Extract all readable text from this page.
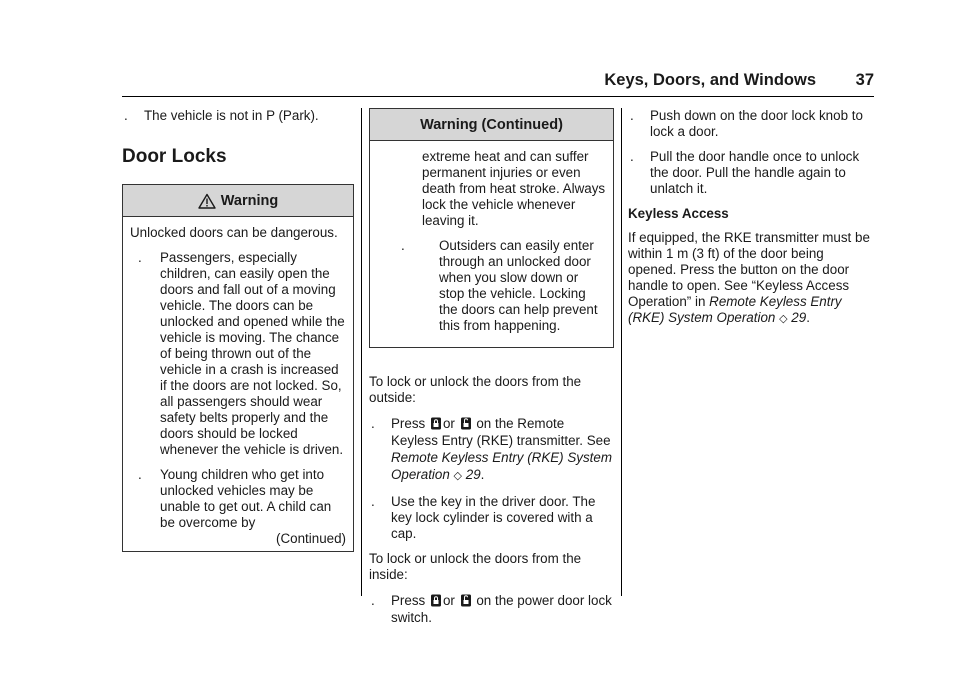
Keys, Doors, and Windows 37
.	The vehicle is not in P (Park).
Door Locks
Warning

Unlocked doors can be dangerous.

.	Passengers, especially children, can easily open the doors and fall out of a moving vehicle. The doors can be unlocked and opened while the vehicle is moving. The chance of being thrown out of the vehicle in a crash is increased if the doors are not locked. So, all passengers should wear safety belts properly and the doors should be locked whenever the vehicle is driven.
.	Young children who get into unlocked vehicles may be unable to get out. A child can be overcome by
(Continued)
Warning (Continued)

extreme heat and can suffer permanent injuries or even death from heat stroke. Always lock the vehicle whenever leaving it.

.	Outsiders can easily enter through an unlocked door when you slow down or stop the vehicle. Locking the doors can help prevent this from happening.

To lock or unlock the doors from the outside:

.	Press or on the Remote Keyless Entry (RKE) transmitter. See Remote Keyless Entry (RKE) System Operation ◇ 29.
.	Use the key in the driver door. The key lock cylinder is covered with a cap.

To lock or unlock the doors from the inside:

.	Press or on the power door lock switch.
.	Push down on the door lock knob to lock a door.
.	Pull the door handle once to unlock the door. Pull the handle again to unlatch it.
Keyless Access

If equipped, the RKE transmitter must be within 1 m (3 ft) of the door being opened. Press the button on the door handle to open. See “Keyless Access Operation” in Remote Keyless Entry (RKE) System Operation ◇ 29.
